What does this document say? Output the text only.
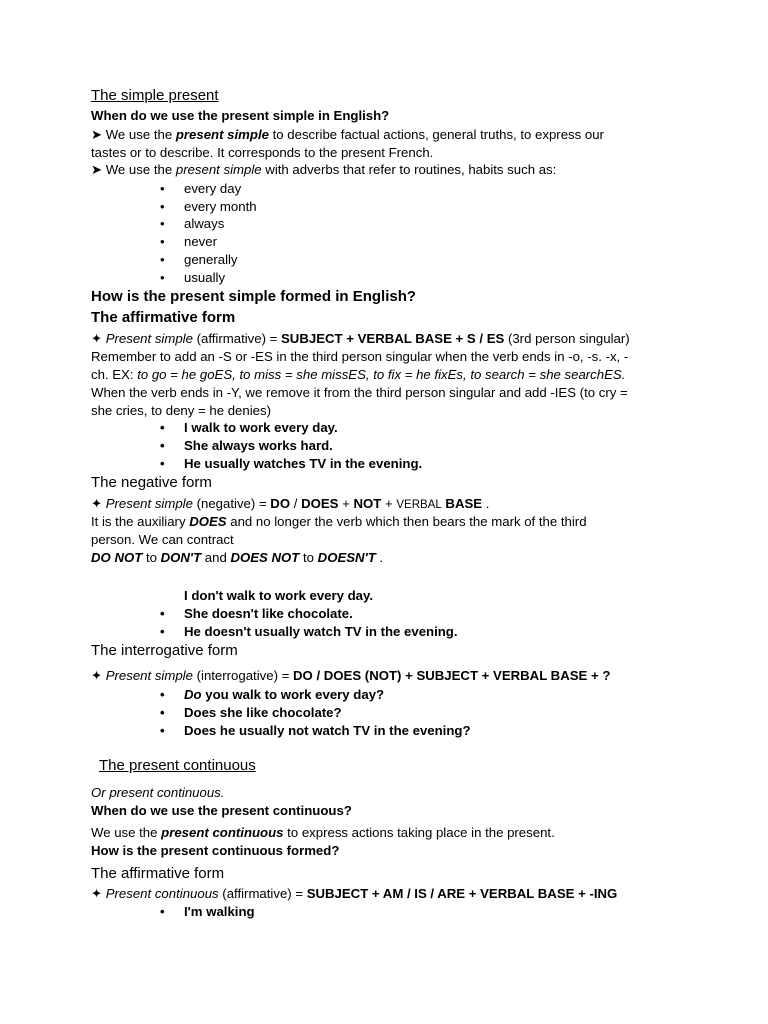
The simple present
When do we use the present simple in English?
➤ We use the present simple to describe factual actions, general truths, to express our
tastes or to describe. It corresponds to the present French.
➤ We use the present simple with adverbs that refer to routines, habits such as:
• every day
• every month
• always
• never
• generally
• usually
How is the present simple formed in English?
The affirmative form
✦ Present simple (affirmative) = SUBJECT + VERBAL BASE + S / ES (3rd person singular)
Remember to add an -S or -ES in the third person singular when the verb ends in -o, -s. -x, -
ch. EX: to go = he goES, to miss = she missES, to fix = he fixEs, to search = she searchES.
When the verb ends in -Y, we remove it from the third person singular and add -IES (to cry =
she cries, to deny = he denies)
• I walk to work every day.
• She always works hard.
• He usually watches TV in the evening.
The negative form
✦ Present simple (negative) = DO / DOES + NOT + VERBAL BASE .
It is the auxiliary DOES and no longer the verb which then bears the mark of the third
person. We can contract
DO NOT to DON'T and DOES NOT to DOESN'T .
I don't walk to work every day.
• She doesn't like chocolate.
• He doesn't usually watch TV in the evening.
The interrogative form
✦ Present simple (interrogative) = DO / DOES (NOT) + SUBJECT + VERBAL BASE + ?
• Do you walk to work every day?
• Does she like chocolate?
• Does he usually not watch TV in the evening?
The present continuous
Or present continuous.
When do we use the present continuous?
We use the present continuous to express actions taking place in the present.
How is the present continuous formed?
The affirmative form
✦ Present continuous (affirmative) = SUBJECT + AM / IS / ARE + VERBAL BASE + -ING
• I'm walking
